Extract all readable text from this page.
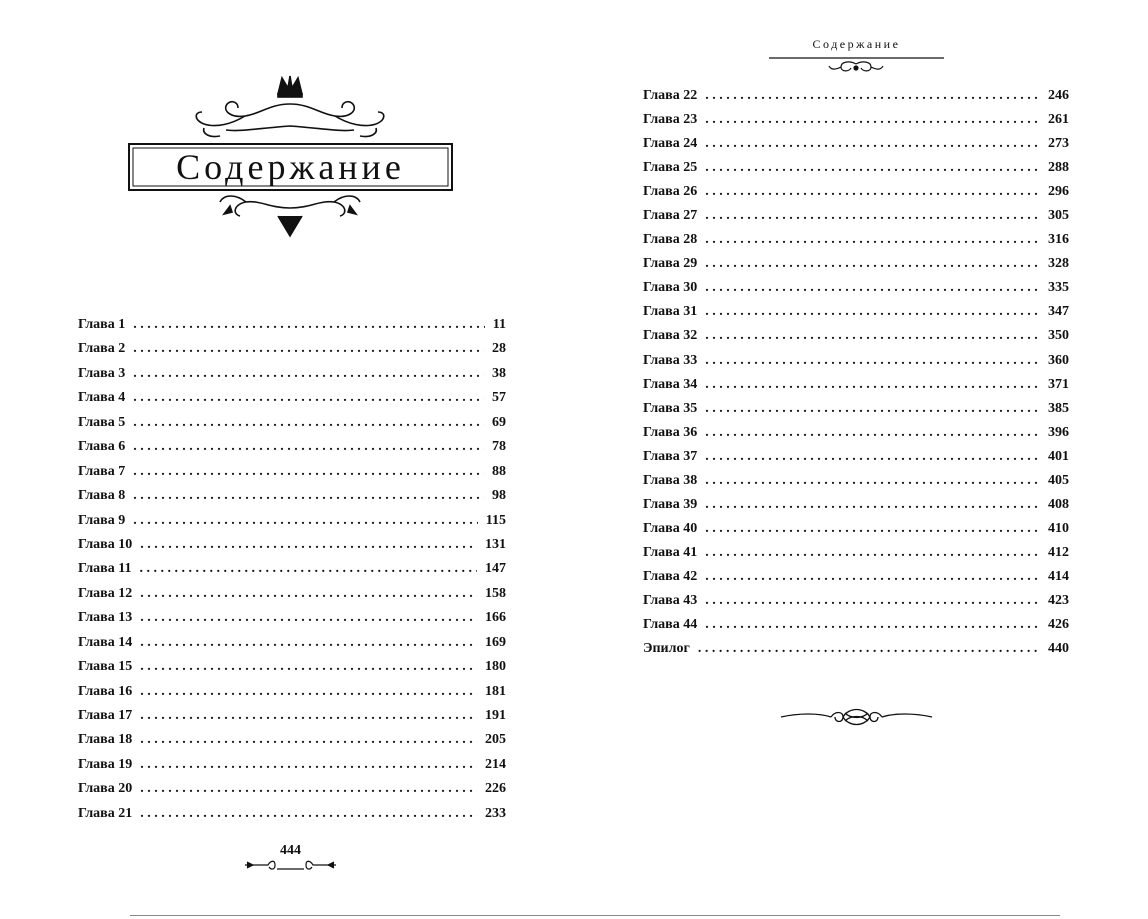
Содержание
Глава 1 . . .	11
Глава 2 . . .	28
Глава 3 . . .	38
Глава 4 . . .	57
Глава 5 . . .	69
Глава 6 . . .	78
Глава 7 . . .	88
Глава 8 . . .	98
Глава 9 . . .	115
Глава 10 . . .	131
Глава 11 . . .	147
Глава 12 . . .	158
Глава 13 . . .	166
Глава 14 . . .	169
Глава 15 . . .	180
Глава 16 . . .	181
Глава 17 . . .	191
Глава 18 . . .	205
Глава 19 . . .	214
Глава 20 . . .	226
Глава 21 . . .	233
444
Содержание
Глава 22 . . .	246
Глава 23 . . .	261
Глава 24 . . .	273
Глава 25 . . .	288
Глава 26 . . .	296
Глава 27 . . .	305
Глава 28 . . .	316
Глава 29 . . .	328
Глава 30 . . .	335
Глава 31 . . .	347
Глава 32 . . .	350
Глава 33 . . .	360
Глава 34 . . .	371
Глава 35 . . .	385
Глава 36 . . .	396
Глава 37 . . .	401
Глава 38 . . .	405
Глава 39 . . .	408
Глава 40 . . .	410
Глава 41 . . .	412
Глава 42 . . .	414
Глава 43 . . .	423
Глава 44 . . .	426
Эпилог . . .	440
